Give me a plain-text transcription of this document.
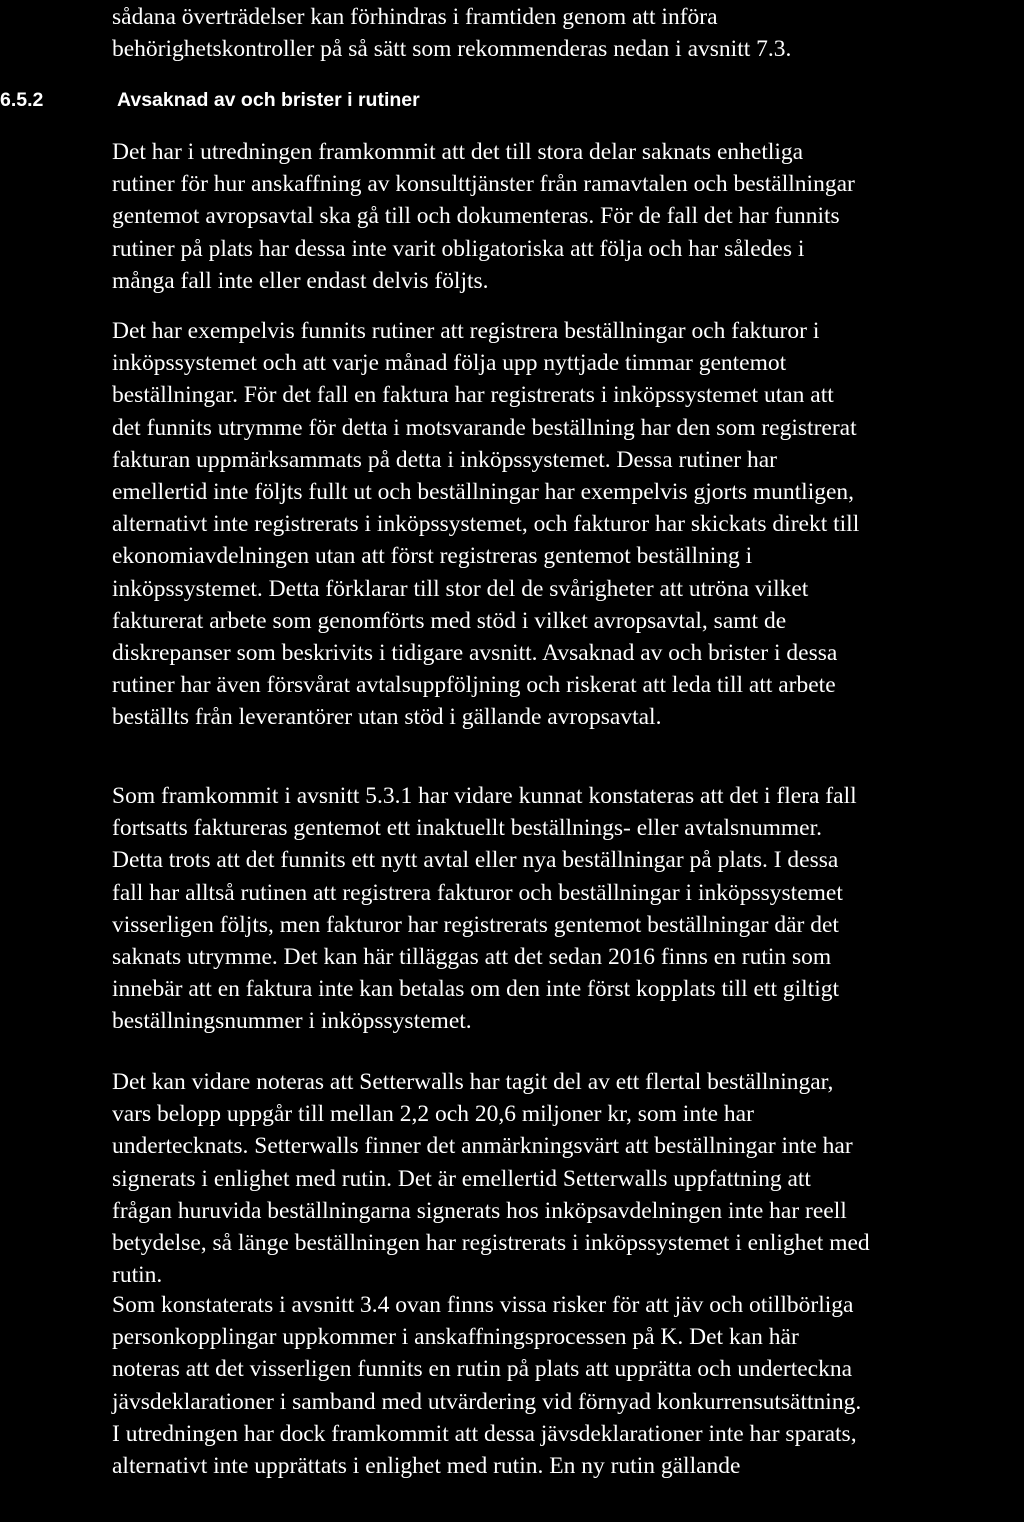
sådana överträdelser kan förhindras i framtiden genom att införa
behörighetskontroller på så sätt som rekommenderas nedan i avsnitt 7.3.

6.5.2	Avsaknad av och brister i rutiner

Det har i utredningen framkommit att det till stora delar saknats enhetliga
rutiner för hur anskaffning av konsulttjänster från ramavtalen och beställningar
gentemot avropsavtal ska gå till och dokumenteras. För de fall det har funnits
rutiner på plats har dessa inte varit obligatoriska att följa och har således i
många fall inte eller endast delvis följts.

Det har exempelvis funnits rutiner att registrera beställningar och fakturor i
inköpssystemet och att varje månad följa upp nyttjade timmar gentemot
beställningar. För det fall en faktura har registrerats i inköpssystemet utan att
det funnits utrymme för detta i motsvarande beställning har den som registrerat
fakturan uppmärksammats på detta i inköpssystemet. Dessa rutiner har
emellertid inte följts fullt ut och beställningar har exempelvis gjorts muntligen,
alternativt inte registrerats i inköpssystemet, och fakturor har skickats direkt till
ekonomiavdelningen utan att först registreras gentemot beställning i
inköpssystemet. Detta förklarar till stor del de svårigheter att utröna vilket
fakturerat arbete som genomförts med stöd i vilket avropsavtal, samt de
diskrepanser som beskrivits i tidigare avsnitt. Avsaknad av och brister i dessa
rutiner har även försvårat avtalsuppföljning och riskerat att leda till att arbete
beställts från leverantörer utan stöd i gällande avropsavtal.

Som framkommit i avsnitt 5.3.1 har vidare kunnat konstateras att det i flera fall
fortsatts faktureras gentemot ett inaktuellt beställnings- eller avtalsnummer.
Detta trots att det funnits ett nytt avtal eller nya beställningar på plats. I dessa
fall har alltså rutinen att registrera fakturor och beställningar i inköpssystemet
visserligen följts, men fakturor har registrerats gentemot beställningar där det
saknats utrymme. Det kan här tilläggas att det sedan 2016 finns en rutin som
innebär att en faktura inte kan betalas om den inte först kopplats till ett giltigt
beställningsnummer i inköpssystemet.

Det kan vidare noteras att Setterwalls har tagit del av ett flertal beställningar,
vars belopp uppgår till mellan 2,2 och 20,6 miljoner kr, som inte har
undertecknats. Setterwalls finner det anmärkningsvärt att beställningar inte har
signerats i enlighet med rutin. Det är emellertid Setterwalls uppfattning att
frågan huruvida beställningarna signerats hos inköpsavdelningen inte har reell
betydelse, så länge beställningen har registrerats i inköpssystemet i enlighet med
rutin.

Som konstaterats i avsnitt 3.4 ovan finns vissa risker för att jäv och otillbörliga
personkopplingar uppkommer i anskaffningsprocessen på K. Det kan här
noteras att det visserligen funnits en rutin på plats att upprätta och underteckna
jävsdeklarationer i samband med utvärdering vid förnyad konkurrensutsättning.
I utredningen har dock framkommit att dessa jävsdeklarationer inte har sparats,
alternativt inte upprättats i enlighet med rutin. En ny rutin gällande
